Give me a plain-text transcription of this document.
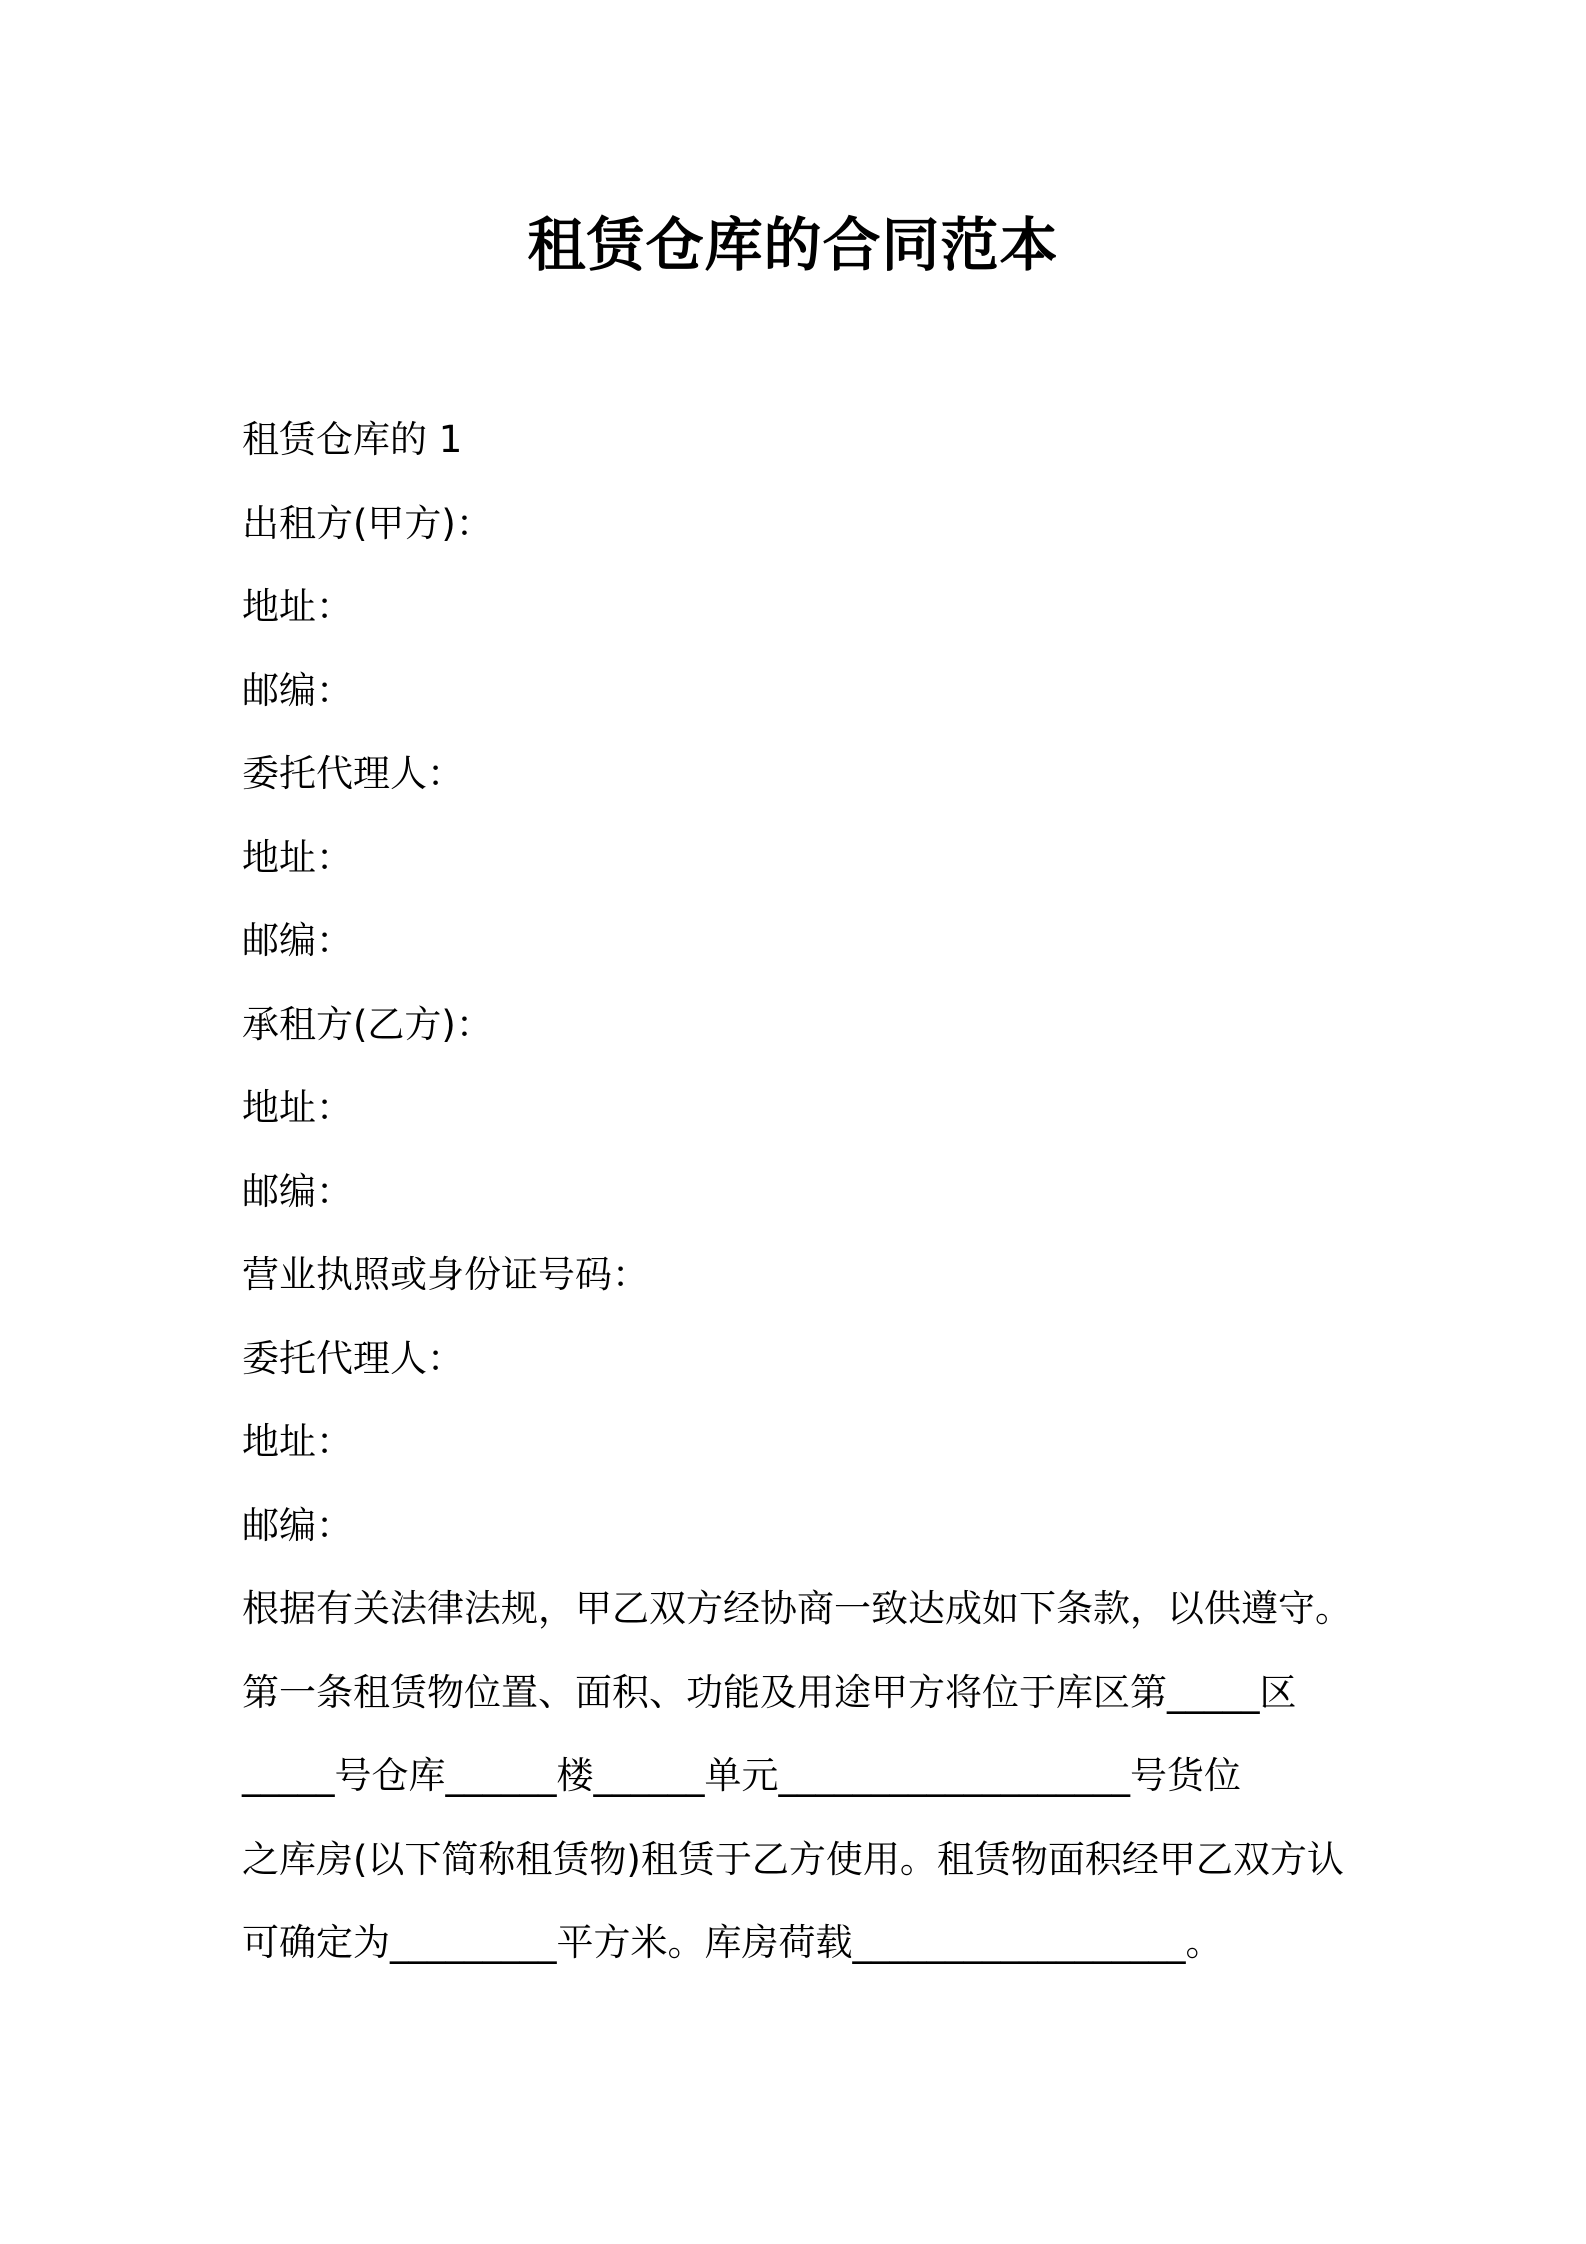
租赁仓库的合同范本
租赁仓库的 1
出租方(甲方)：
地址：
邮编：
委托代理人：
地址：
邮编：
承租方(乙方)：
地址：
邮编：
营业执照或身份证号码：
委托代理人：
地址：
邮编：
根据有关法律法规，甲乙双方经协商一致达成如下条款，以供遵守。
第一条租赁物位置、面积、功能及用途甲方将位于库区第_____区
_____号仓库______楼______单元___________________号货位
之库房(以下简称租赁物)租赁于乙方使用。租赁物面积经甲乙双方认
可确定为_________平方米。库房荷载__________________。
